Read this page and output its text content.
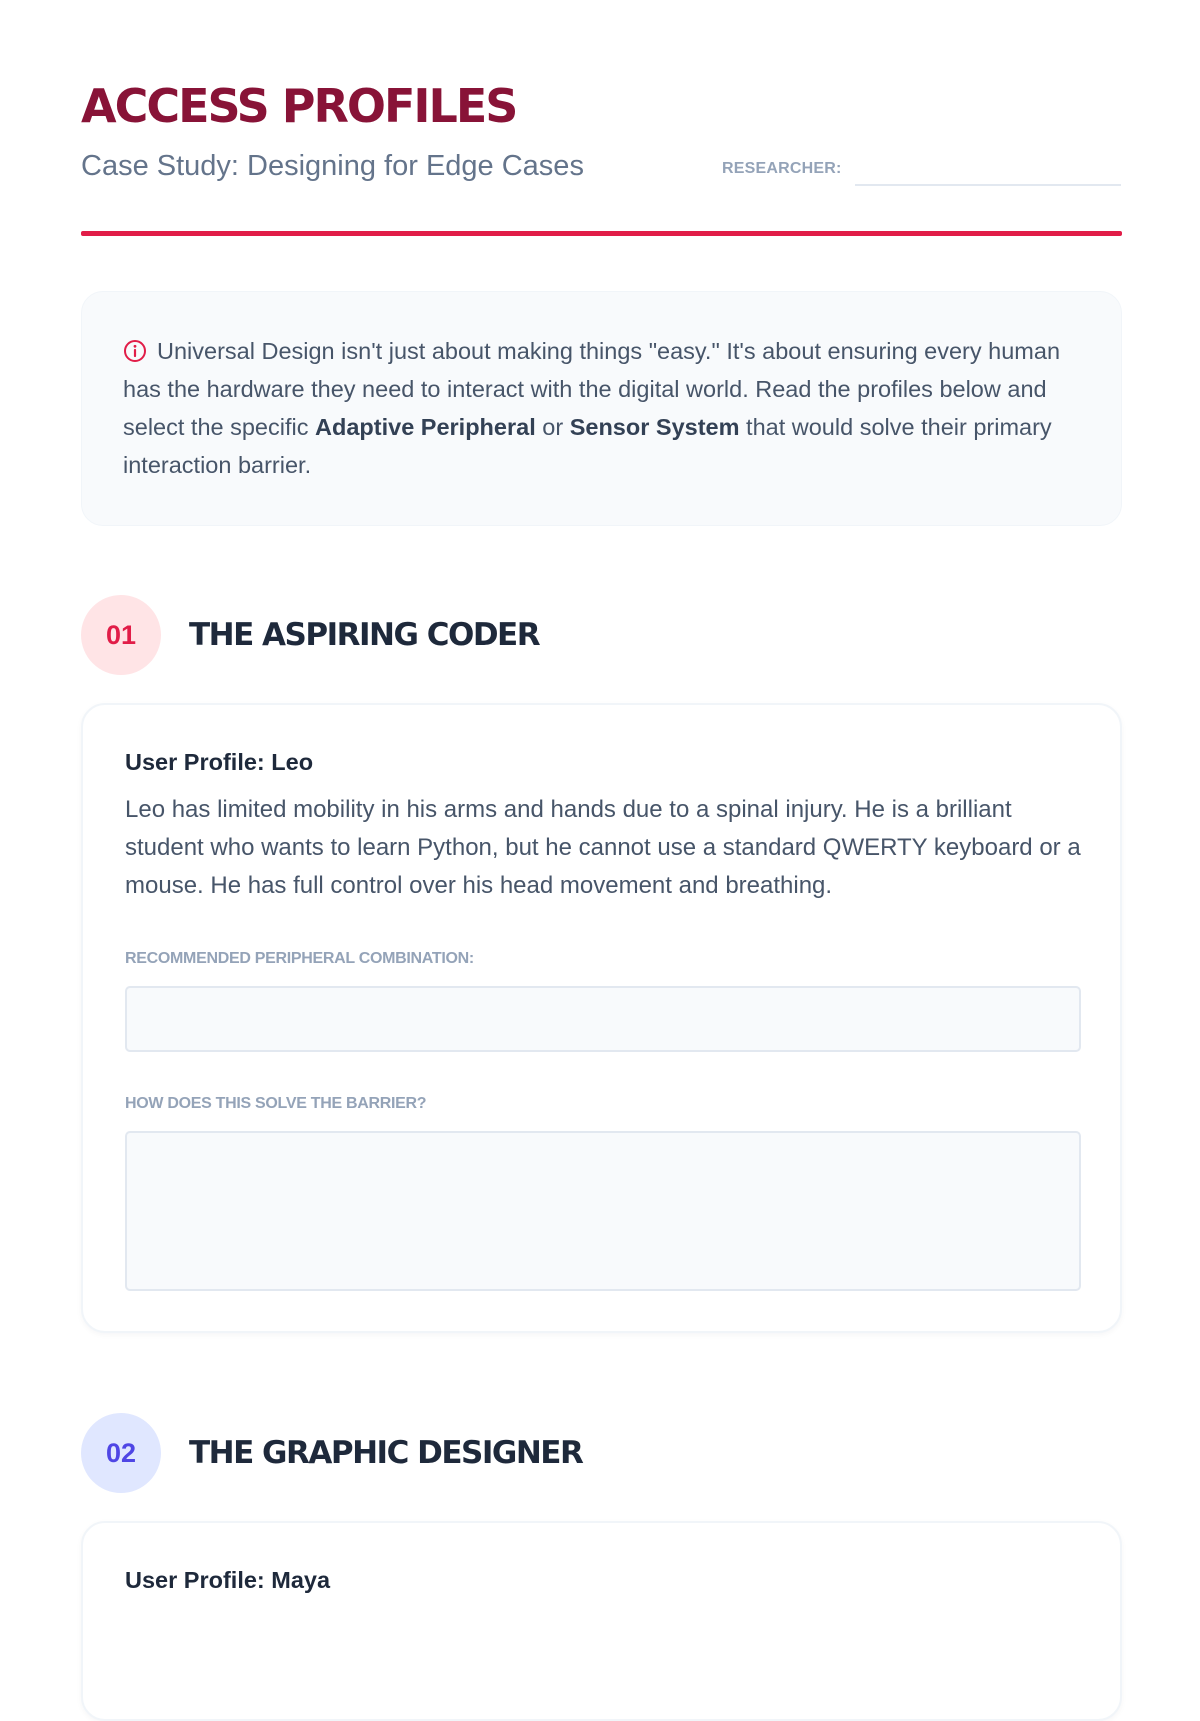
ACCESS PROFILES
Case Study: Designing for Edge Cases	RESEARCHER:

Universal Design isn't just about making things "easy." It's about ensuring every human has the hardware they need to interact with the digital world. Read the profiles below and select the specific Adaptive Peripheral or Sensor System that would solve their primary interaction barrier.

01	THE ASPIRING CODER
User Profile: Leo

Leo has limited mobility in his arms and hands due to a spinal injury. He is a brilliant student who wants to learn Python, but he cannot use a standard QWERTY keyboard or a mouse. He has full control over his head movement and breathing.

RECOMMENDED PERIPHERAL COMBINATION:
HOW DOES THIS SOLVE THE BARRIER?
02	THE GRAPHIC DESIGNER
User Profile: Maya
